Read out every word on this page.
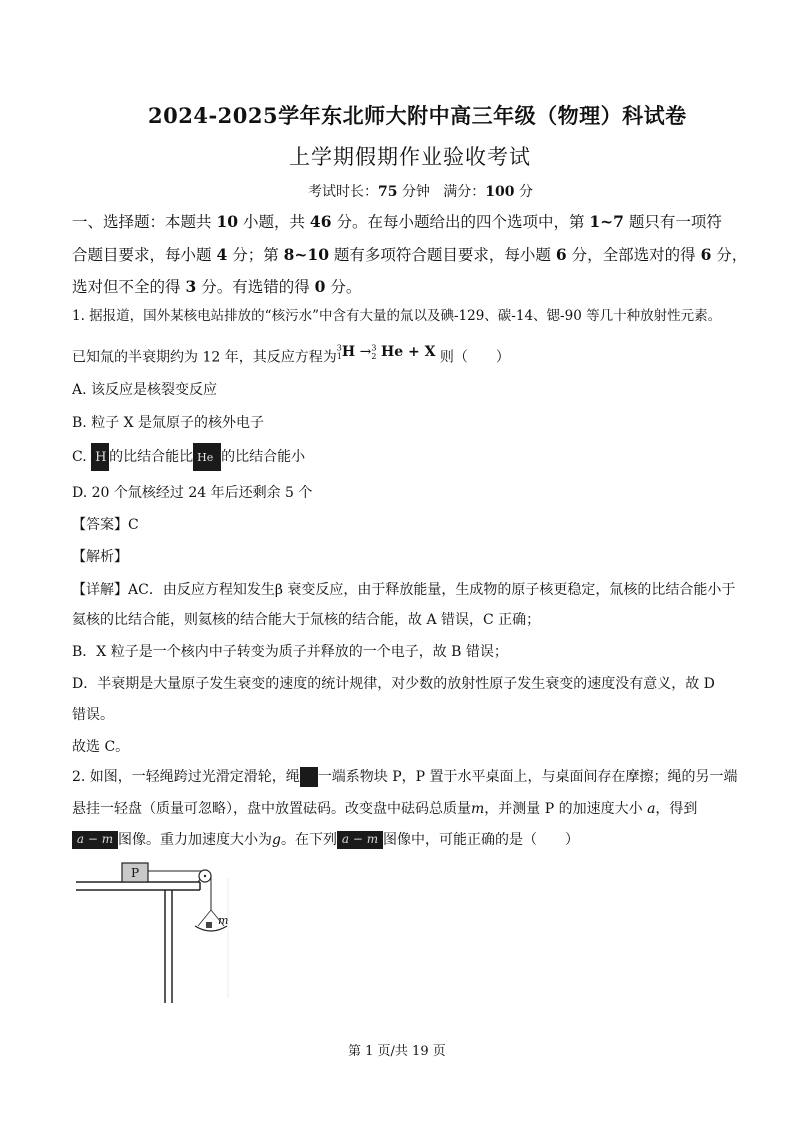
2024-2025学年东北师大附中高三年级（物理）科试卷
上学期假期作业验收考试
考试时长：75 分钟 满分：100 分
一、选择题：本题共 10 小题，共 46 分。在每小题给出的四个选项中，第 1~7 题只有一项符
合题目要求，每小题 4 分；第 8~10 题有多项符合题目要求，每小题 6 分，全部选对的得 6 分，
选对但不全的得 3 分。有选错的得 0 分。
1. 据报道，国外某核电站排放的“核污水”中含有大量的氚以及碘-129、碳-14、锶-90 等几十种放射性元素。
已知氚的半衰期约为 12 年，其反应方程为$^3_1$H →$^3_2$ He + X 则（　　）
A. 该反应是核裂变反应
B. 粒子 X 是氚原子的核外电子
C. H 的比结合能比 He 的比结合能小
D. 20 个氚核经过 24 年后还剩余 5 个
【答案】C
【解析】
【详解】AC．由反应方程知发生β 衰变反应，由于释放能量，生成物的原子核更稳定，氚核的比结合能小于
氦核的比结合能，则氦核的结合能大于氚核的结合能，故 A 错误，C 正确；
B．X 粒子是一个核内中子转变为质子并释放的一个电子，故 B 错误；
D．半衰期是大量原子发生衰变的速度的统计规律，对少数的放射性原子发生衰变的速度没有意义，故 D
错误。
故选 C。
2. 如图，一轻绳跨过光滑定滑轮，绳 一端系物块 P，P 置于水平桌面上，与桌面间存在摩擦；绳的另一端
悬挂一轻盘（质量可忽略），盘中放置砝码。改变盘中砝码总质量m，并测量 P 的加速度大小 a，得到
a − m 图像。重力加速度大小为g。在下列 a − m 图像中，可能正确的是（　　）
P
m
第 1 页/共 19 页
